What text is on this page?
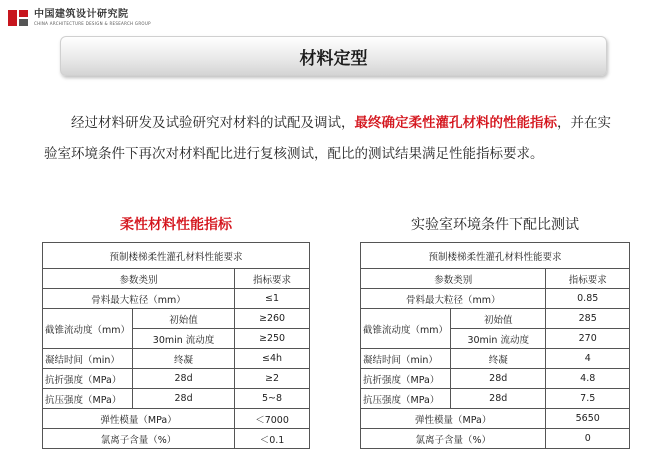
中国建筑设计研究院
CHINA ARCHITECTURE DESIGN & RESEARCH GROUP
材料定型
经过材料研发及试验研究对材料的试配及调试，最终确定柔性灌孔材料的性能指标，并在实验室环境条件下再次对材料配比进行复核测试，配比的测试结果满足性能指标要求。
柔性材料性能指标	实验室环境条件下配比测试
预制楼梯柔性灌孔材料性能要求		
参数类别		指标要求
骨料最大粒径（mm）		≤1
截锥流动度（mm）	初始值	≥260
	30min 流动度	≥250
凝结时间（min）	终凝	≤4h
抗折强度（MPa）	28d	≥2
抗压强度（MPa）	28d	5~8
弹性模量（MPa）		＜7000
氯离子含量（%）		＜0.1
预制楼梯柔性灌孔材料性能要求		
参数类别		指标要求
骨料最大粒径（mm）		0.85
截锥流动度（mm）	初始值	285
	30min 流动度	270
凝结时间（min）	终凝	4
抗折强度（MPa）	28d	4.8
抗压强度（MPa）	28d	7.5
弹性模量（MPa）		5650
氯离子含量（%）		0
